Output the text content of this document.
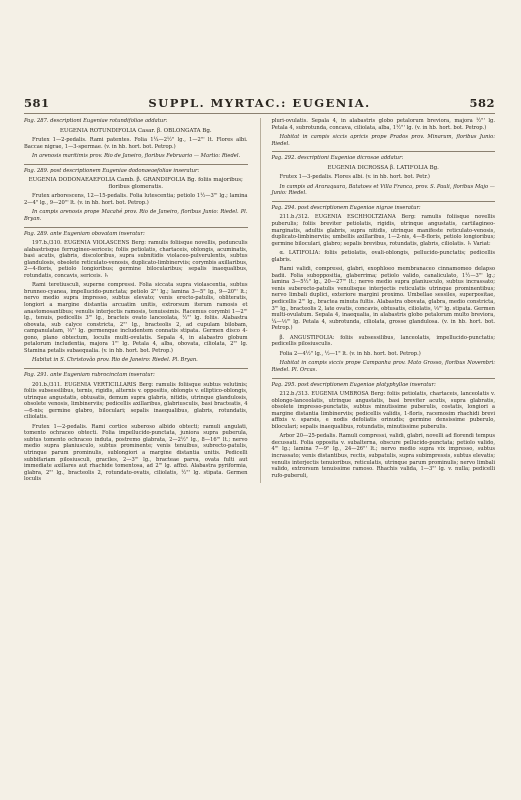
581	SUPPL. MYRTAC.: EUGENIA.	582

Pag. 287. descriptioni Eugeniae rotundifoliae addatur:

EUGENIA ROTUNDIFOLIA Casar. β. OBLONGATA Bg.

Frutex 1—2-pedalis. Rami patentes. Folia 1¼—2½" lg., 1—2"' lt. Flores albi. Baccae nigrae, 1—3-spermae. (v. in hb. hort. bot. Petrop.)

In arenosis maritimis prov. Rio de Janeiro, floribus Februario — Martio: Riedel.

Pag. 289. post descriptionem Eugeniae dodonaeaefoliae inseratur:

EUGENIA DODONAEAEFOLIA Camb. β. GRANDIFOLIA Bg. foliis majoribus; floribus glomeratis.

Frutex arborescens, 12—15-pedalis. Folia lutescentia; petiolo 1½—3"' lg.; lamina 2—4" lg., 9—20"' lt. (v. in hb. hort. bot. Petrop.)

In campis arenosis prope Macahé prov. Rio de Janeiro, floribus Junio: Riedel. Pl. Bryan.

Pag. 289. ante Eugeniam obovatam inseratur:

197.b./310. EUGENIA VIOLASCENS Berg: ramulis foliisque novellis, pedunculis alabastrisque ferrugineo-sericeis; foliis petiolatis, chartaceis, oblongis, acuminatis, basi acutis, glabris, discoloribus, supra subnitidis violaceo-pulverulentis, subtus glandulosis, obsolete reticulato-venosis, duplicato-limbinerviis; corymbis axillaribus, 2—4-floris, petiolo longioribus; germine bilocularibus; sepalis inaequalibus, rotundatis, concavis, sericeis. ♄

Rami teretiusculi, superne compressi. Folia siccata supra violascentia, subtus brunneo-cyanea, impellucido-punctata; petiolo 2"' lg.; lamina 3—5" lg., 9—20"' lt.; nervo medio supra impresso, subtus elevato; venis erecto-patulis, obliteratis, longiori a margine distantia arcuatim unitis, extrorsum iterum ramosis et anastomosantibus; venulis interjectis ramosis, tenuissimis. Racemus corymbi 1—2"' lg., tenuis, pedicellis 3"' lg., bracteis ovato lanceolata, ½"' lg. foliis. Alabastra obovata, sub calyce constricta, 2"' lg., bracteolis 2, ad cupulam bilobam, campanulatam, ⅓"' lg. germenque includentem connatis stipata. Germen disco 4-gono, plano obtectum, loculis multi-ovulatis. Sepala 4, in alabastro globum petalorum includentia, majora 1"' lg. Petala 4, alba, obovata, ciliolata, 2"' lg. Stamina petalis subaequalia. (v. in hb. hort. bot. Petrop.)

Habitat in S. Christovão prov. Rio de Janeiro: Riedel. Pl. Bryan.

Pag. 291. ante Eugeniam rubrocinctam inseratur:

201.b./311. EUGENIA VERTICILLARIS Berg: ramulis foliisque subtus velutinis; foliis subsessilibus, ternis, rigidis, alternis v. oppositis, oblongis v. elliptico-oblongis, utrinque angustatis, obtusatis, demum supra glabris, nitidis, utrinque glandulosis, obsolete venosis, limbinerviis; pedicellis axillaribus, glabriusculis, basi bracteatis, 4—6-nis; germine glabro, biloculari; sepalis inaequalibus, glabris, rotundatis, ciliolatis.

Frutex 1—2-pedalis. Rami cortice suberoso albido obtecti; ramuli angulati, tomento ochraceo obtecti. Folia impellucido-punctata, juniora supra puberula, subtus tomento ochraceo induta, postremo glabrata, 2—2½" lg., 8—16"' lt.; nervo medio supra planiusculo, subtus prominente; venis tenuibus, subrecto-patulis, utrinque parum prominulis, sublongiori a margine distantia unitis. Pedicelli subbifariam pilosiusculi, graciles, 2—3"' lg., bracteae parva, ovata fulti aut immediate axillares aut rhachide tomentosa, ad 2"' lg. affixi. Alabastra pyriformia, glabra, 2"' lg., bracteolis 2, rotundato-ovatis, ciliolatis, ½"' lg. stipata. Germen loculis

pluri-ovulatis. Sepala 4, in alabastris globo petalorum breviora, majora ½"' lg. Petala 4, subrotunda, concava, ciliolata, alba, 1½"' lg. (v. in hb. hort. bot. Petrop.)

Habitat in campis siccis apricis prope Prados prov. Minarum, floribus Junio: Riedel.

Pag. 292. descriptioni Eugeniae dicrosae addatur:

EUGENIA DICROSSA β. LATIFOLIA Bg.

Frutex 1—3-pedalis. Flores albi. (v. in hb. hort. bot. Petr.)

In campis ad Araraquara, Batatoes et Villa Franca, prov. S. Pauli, floribus Majo — Junio: Riedel.

Pag. 294. post descriptionem Eugeniae nigrae inseratur:

211.b./312. EUGENIA ESCHHOLTZIANA Berg: ramulis foliisque novellis puberulis; foliis breviter petiolatis, rigidis, utrinque angustatis, cartilagineo-marginatis, adultis glabris, supra nitidis, utrinque manifeste reticulato-venosis, duplicato-limbinerviis; umbellis axillaribus, 1—2-nis, 4—8-floris, petiolo longioribus; germine biloculari, glabro; sepalis brevibus, rotundatis, glabris, ciliolatis. ♄ Variat:

α. LATIFOLIA: foliis petiolatis, ovali-oblongis, pellucido-punctatis; pedicellis glabris.

Rami validi, compressi, glabri, exophloeo membranaceo cinnamomeo delapso badii. Folia suboppositia, glaberrima; petiolo valido, canaliculato, 1½—3"' lg.; lamina 3—5½" lg., 20—27"' lt.; nervo medio supra planiusculo, subtus incrassato; venis suberecto-patulis venulisque interjectis reticulatis utrinque prominentibus; nervo limbali duplici, exteriore margini proximo. Umbellae sessiles, superpositae, pedicellis 2"' lg., bractea minuta fultis. Alabastra obovata, glabra, medio constricta, 3"' lg., bracteolis 2, late ovatis, concavis, obtusatis, ciliolatis, ⅓"' lg. stipata. Germen multi-ovulatum. Sepala 4, inaequalia, in alabastris globo petalorum multo breviora, ¼—⅓"' lg. Petala 4, subrotunda, ciliolata, grosse glandulosa. (v. in hb. hort. bot. Petrop.)

β. ANGUSTIFOLIA: foliis subsessilibus, lanceolatis, impellucido-punctatis; pedicellis pilosiusculis.

Folia 2—4½" lg., ½—1" lt. (v. in hb. hort. bot. Petrop.)

Habitat in campis siccis prope Campanha prov. Mato Grosso, floribus Novembri: Riedel. Pl. Orcas.

Pag. 295. post descriptionem Eugeniae platyphyllae inseratur:

212.b./313. EUGENIA UMBROSA Berg: foliis petiolatis, chartaceis, lanceolatis v. oblongo-lanceolatis, utrinque angustatis, basi breviter acutis, supra glabratis, obsolete impresso-punctatis, subtus minutissime puberulis, costatis, longiori a margine distantia limbinerviis; pedicellis validis, 1-floris, racemosim rhachidi brevi affixis v. sparsis, e nodis defoliatis orinudis; germine densissime puberulo, biloculari; sepalis inaequalibus, rotundatis, minutissime puberulis.

Arbor 20—25-pedalis. Ramuli compressi, validi, glabri, novelli ad florendi tempus decussati. Folia opposita v. subalterna, obscure pellucido-punctata; petiolo valido, 4"' lg.; lamina 7—9" lg., 24—26"' lt.; nervo medio supra vix impresso, subtus incrassato; venis distantibus, rectis, subpatulis, supra subimpressis, subtus elevatis; venulis interjectis tenuioribus, reticulatis, utrinque parum prominulis; nervo limbali valido, extrorsum tenuissime ramoso. Rhachis valida, 1—3"' lg. v. nulla; pedicelli rufo-puberuli,
